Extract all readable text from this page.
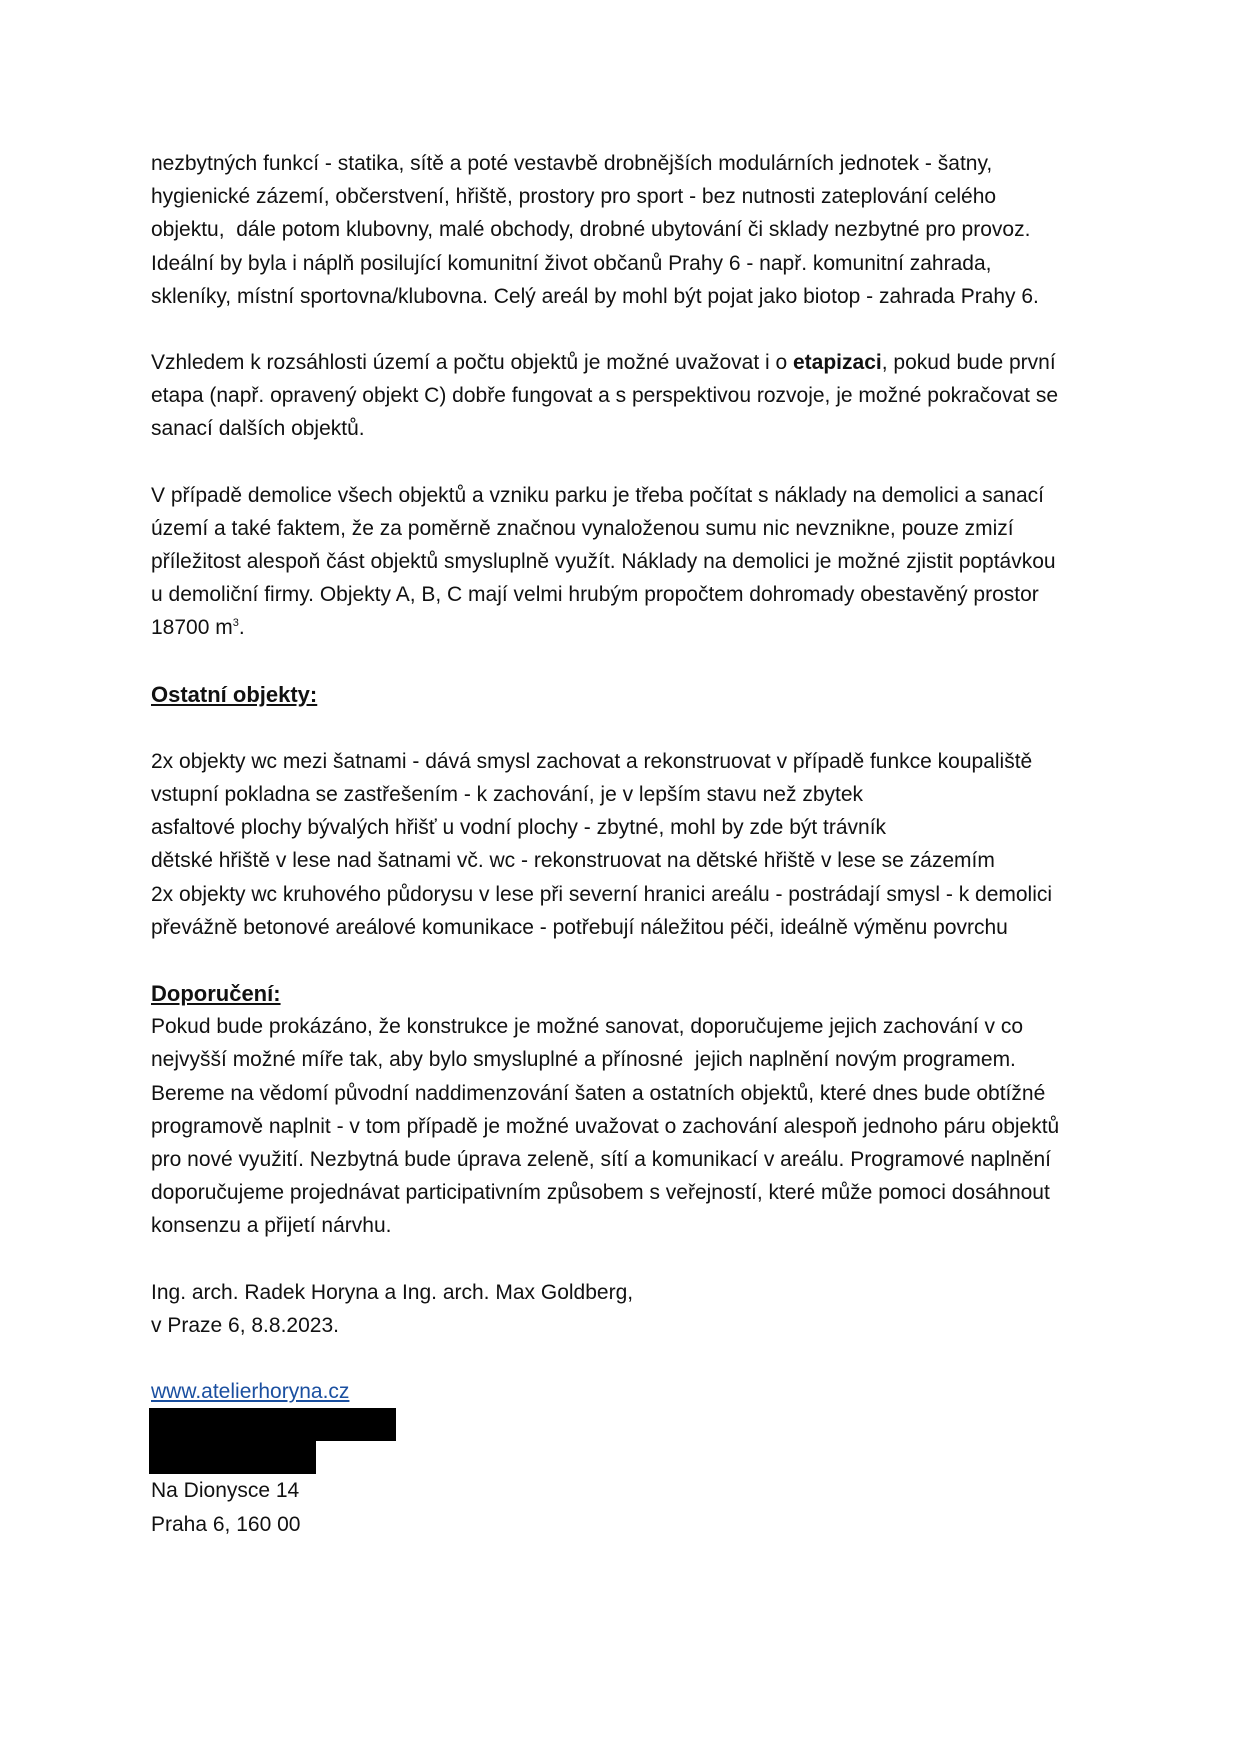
nezbytných funkcí - statika, sítě a poté vestavbě drobnějších modulárních jednotek - šatny,
hygienické zázemí, občerstvení, hřiště, prostory pro sport - bez nutnosti zateplování celého
objektu,  dále potom klubovny, malé obchody, drobné ubytování či sklady nezbytné pro provoz.
Ideální by byla i náplň posilující komunitní život občanů Prahy 6 - např. komunitní zahrada,
skleníky, místní sportovna/klubovna. Celý areál by mohl být pojat jako biotop - zahrada Prahy 6.
Vzhledem k rozsáhlosti území a počtu objektů je možné uvažovat i o etapizaci, pokud bude první
etapa (např. opravený objekt C) dobře fungovat a s perspektivou rozvoje, je možné pokračovat se
sanací dalších objektů.
V případě demolice všech objektů a vzniku parku je třeba počítat s náklady na demolici a sanací
území a také faktem, že za poměrně značnou vynaloženou sumu nic nevznikne, pouze zmizí
příležitost alespoň část objektů smysluplně využít. Náklady na demolici je možné zjistit poptávkou
u demoliční firmy. Objekty A, B, C mají velmi hrubým propočtem dohromady obestavěný prostor
18700 $m^3$.
Ostatní objekty:
2x objekty wc mezi šatnami - dává smysl zachovat a rekonstruovat v případě funkce koupaliště
vstupní pokladna se zastřešením - k zachování, je v lepším stavu než zbytek
asfaltové plochy bývalých hřišť u vodní plochy - zbytné, mohl by zde být trávník
dětské hřiště v lese nad šatnami vč. wc - rekonstruovat na dětské hřiště v lese se zázemím
2x objekty wc kruhového půdorysu v lese při severní hranici areálu - postrádají smysl - k demolici
převážně betonové areálové komunikace - potřebují náležitou péči, ideálně výměnu povrchu
Doporučení:
Pokud bude prokázáno, že konstrukce je možné sanovat, doporučujeme jejich zachování v co
nejvyšší možné míře tak, aby bylo smysluplné a přínosné  jejich naplnění novým programem.
Bereme na vědomí původní naddimenzování šaten a ostatních objektů, které dnes bude obtížné
programově naplnit - v tom případě je možné uvažovat o zachování alespoň jednoho páru objektů
pro nové využití. Nezbytná bude úprava zeleně, sítí a komunikací v areálu. Programové naplnění
doporučujeme projednávat participativním způsobem s veřejností, které může pomoci dosáhnout
konsenzu a přijetí nárvhu.
Ing. arch. Radek Horyna a Ing. arch. Max Goldberg,
v Praze 6, 8.8.2023.
www.atelierhoryna.cz
Na Dionysce 14
Praha 6, 160 00
